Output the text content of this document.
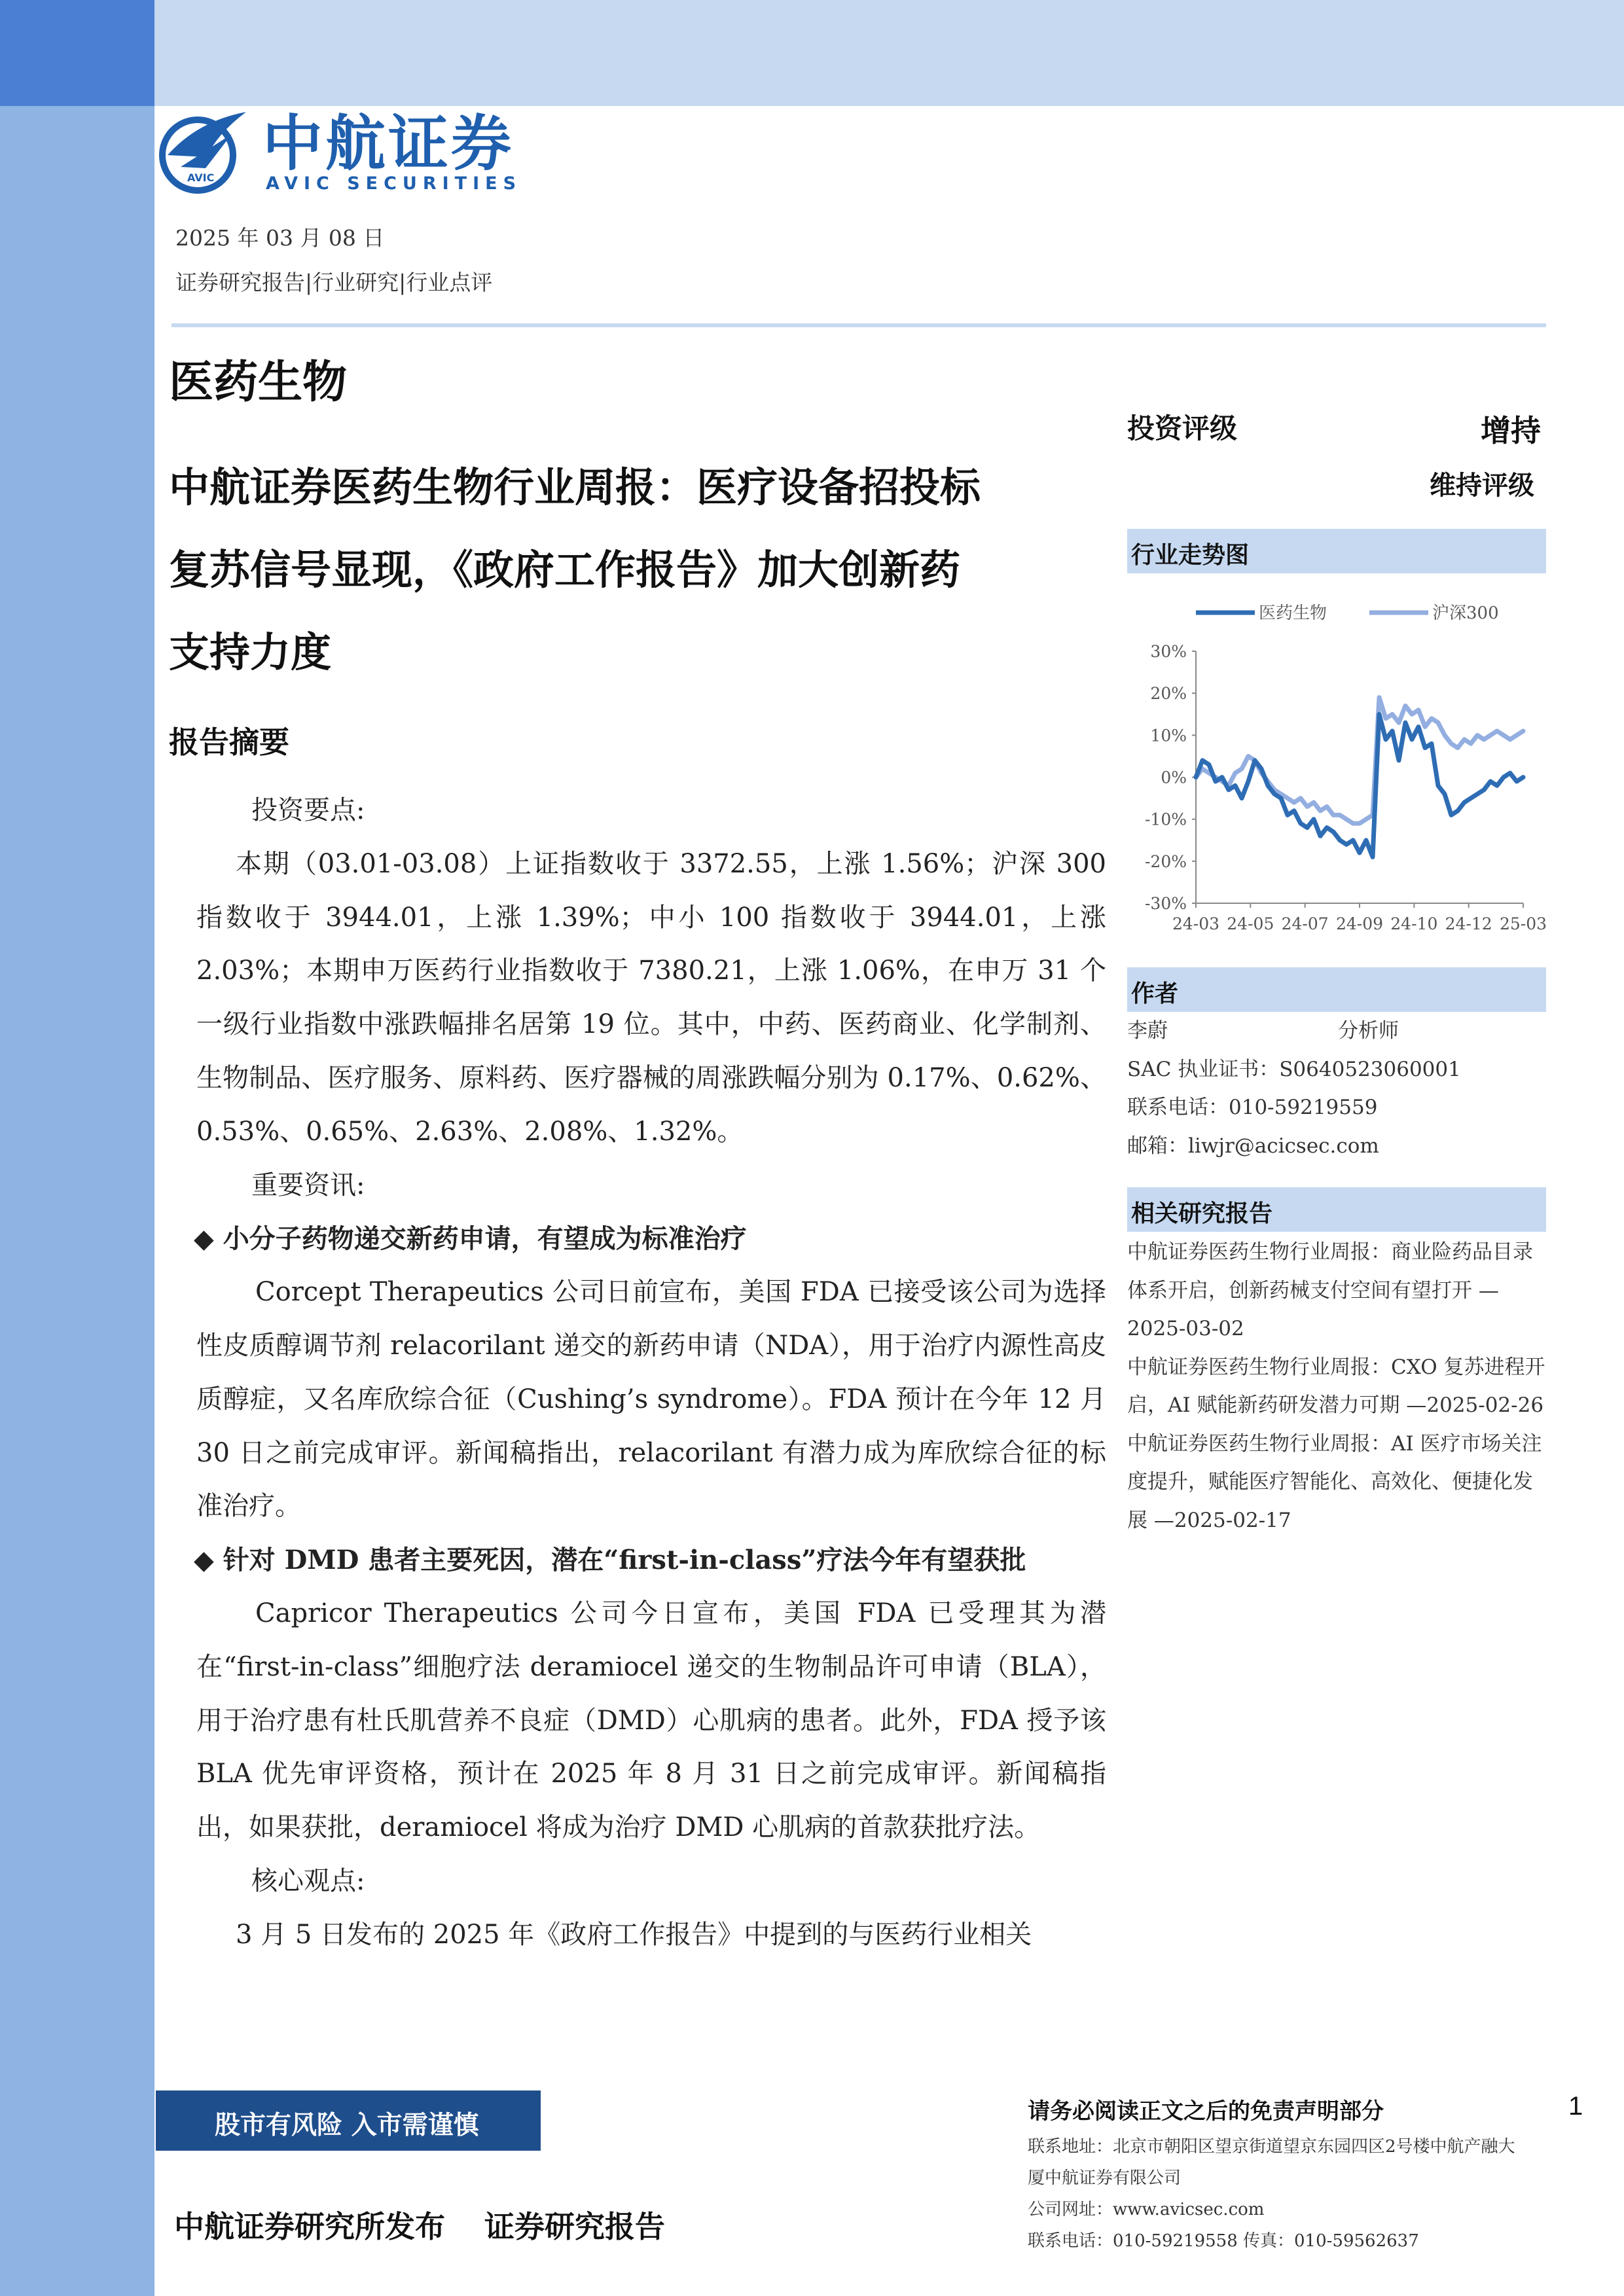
AVIC 中航证券
AVIC SECURITIES
2025 年 03 月 08 日
证券研究报告|行业研究|行业点评
医药生物
中航证券医药生物行业周报：医疗设备招投标
复苏信号显现，《政府工作报告》加大创新药
支持力度
报告摘要

投资要点:

本期（03.01-03.08）上证指数收于 3372.55，上涨 1.56%；沪深 300 指数收于 3944.01，上涨 1.39%；中小 100 指数收于 3944.01，上涨 2.03%；本期申万医药行业指数收于 7380.21，上涨 1.06%，在申万 31 个一级行业指数中涨跌幅排名居第 19 位。其中，中药、医药商业、化学制剂、生物制品、医疗服务、原料药、医疗器械的周涨跌幅分别为 0.17%、0.62%、0.53%、0.65%、2.63%、2.08%、1.32%。

重要资讯:

◆ 小分子药物递交新药申请，有望成为标准治疗

Corcept Therapeutics 公司日前宣布，美国 FDA 已接受该公司为选择性皮质醇调节剂 relacorilant 递交的新药申请（NDA），用于治疗内源性高皮质醇症，又名库欣综合征（Cushing’s syndrome）。FDA 预计在今年 12 月 30 日之前完成审评。新闻稿指出，relacorilant 有潜力成为库欣综合征的标准治疗。

◆ 针对 DMD 患者主要死因，潜在“first-in-class”疗法今年有望获批

Capricor Therapeutics 公司今日宣布，美国 FDA 已受理其为潜在“first-in-class”细胞疗法 deramiocel 递交的生物制品许可申请（BLA），用于治疗患有杜氏肌营养不良症（DMD）心肌病的患者。此外，FDA 授予该 BLA 优先审评资格，预计在 2025 年 8 月 31 日之前完成审评。新闻稿指出，如果获批，deramiocel 将成为治疗 DMD 心肌病的首款获批疗法。

核心观点:

3 月 5 日发布的 2025 年《政府工作报告》中提到的与医药行业相关

投资评级	增持
维持评级
行业走势图
30%
20%
10%
0%
-10%
-20%
-30%
24-03 24-05 24-07 24-09 24-10 24-12 25-03
医药生物	沪深300
作者
李蔚	分析师
SAC 执业证书：S0640523060001
联系电话：010-59219559
邮箱：liwjr@acicsec.com
相关研究报告

中航证券医药生物行业周报：商业险药品目录

体系开启，创新药械支付空间有望打开 —

2025-03-02

中航证券医药生物行业周报：CXO 复苏进程开

启，AI 赋能新药研发潜力可期 —2025-02-26

中航证券医药生物行业周报：AI 医疗市场关注

度提升，赋能医疗智能化、高效化、便捷化发

展 —2025-02-17

股市有风险 入市需谨慎
中航证券研究所发布 证券研究报告
请务必阅读正文之后的免责声明部分	1

联系地址：北京市朝阳区望京街道望京东园四区2号楼中航产融大

厦中航证券有限公司

公司网址：www.avicsec.com

联系电话：010-59219558 传真：010-59562637
